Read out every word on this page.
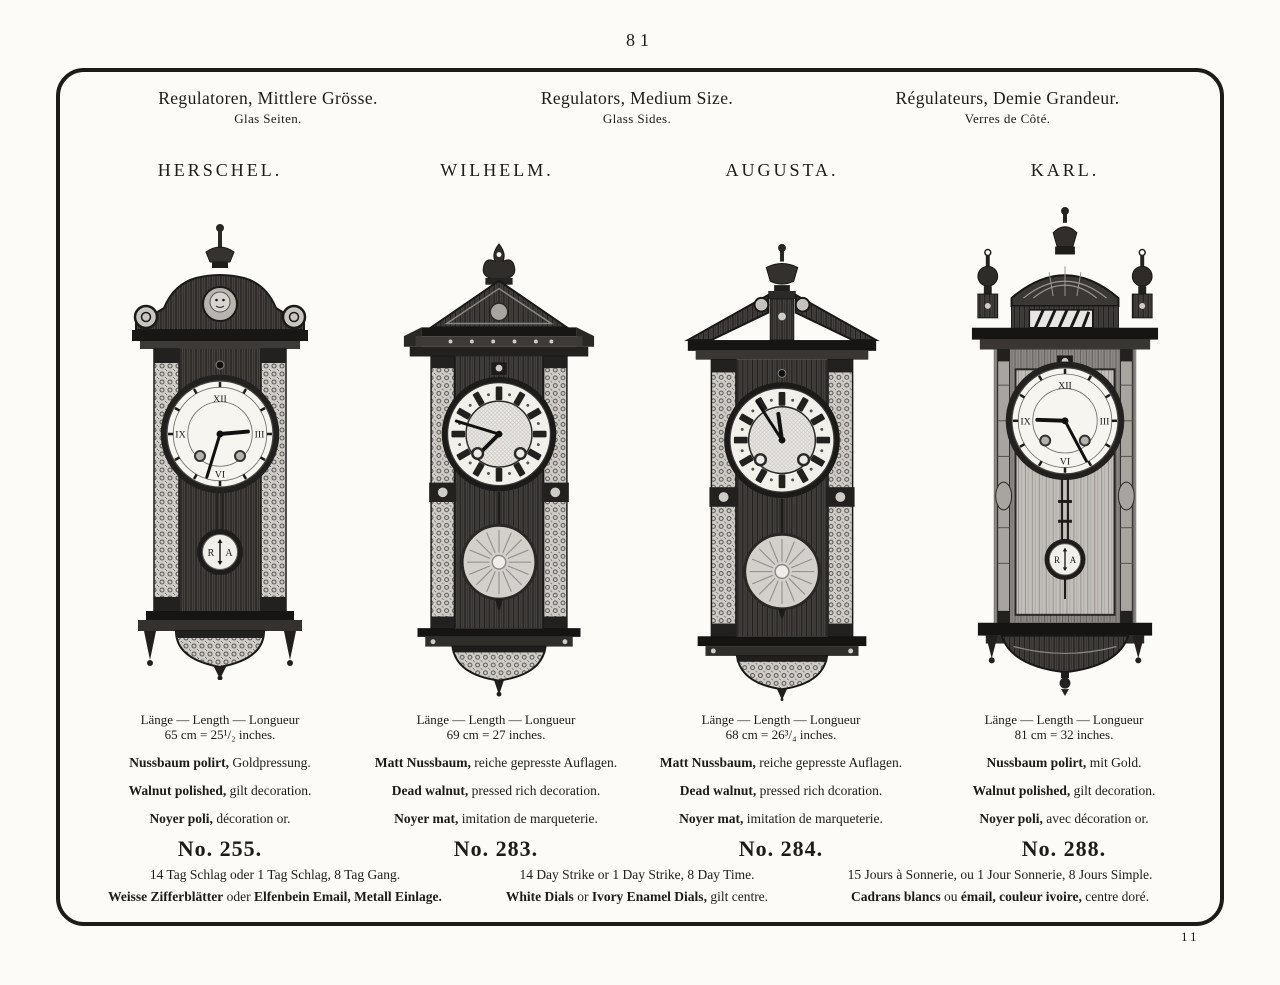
81
Regulatoren, Mittlere Grösse.
Glas Seiten.
Regulators, Medium Size.
Glass Sides.
Régulateurs, Demie Grandeur.
Verres de Côté.
HERSCHEL.	WILHELM.	AUGUSTA.	KARL.
Länge — Length — Longueur
65 cm = 25¹/₂ inches.
Nussbaum polirt, Goldpressung.
Walnut polished, gilt decoration.
Noyer poli, décoration or.
No. 255.
Länge — Length — Longueur
69 cm = 27 inches.
Matt Nussbaum, reiche gepresste Auflagen.
Dead walnut, pressed rich decoration.
Noyer mat, imitation de marqueterie.
No. 283.
Länge — Length — Longueur
68 cm = 26³/₄ inches.
Matt Nussbaum, reiche gepresste Auflagen.
Dead walnut, pressed rich dcoration.
Noyer mat, imitation de marqueterie.
No. 284.
Länge — Length — Longueur
81 cm = 32 inches.
Nussbaum polirt, mit Gold.
Walnut polished, gilt decoration.
Noyer poli, avec décoration or.
No. 288.
14 Tag Schlag oder 1 Tag Schlag, 8 Tag Gang.
Weisse Zifferblätter oder Elfenbein Email, Metall Einlage.
14 Day Strike or 1 Day Strike, 8 Day Time.
White Dials or Ivory Enamel Dials, gilt centre.
15 Jours à Sonnerie, ou 1 Jour Sonnerie, 8 Jours Simple.
Cadrans blancs ou émail, couleur ivoire, centre doré.
11
